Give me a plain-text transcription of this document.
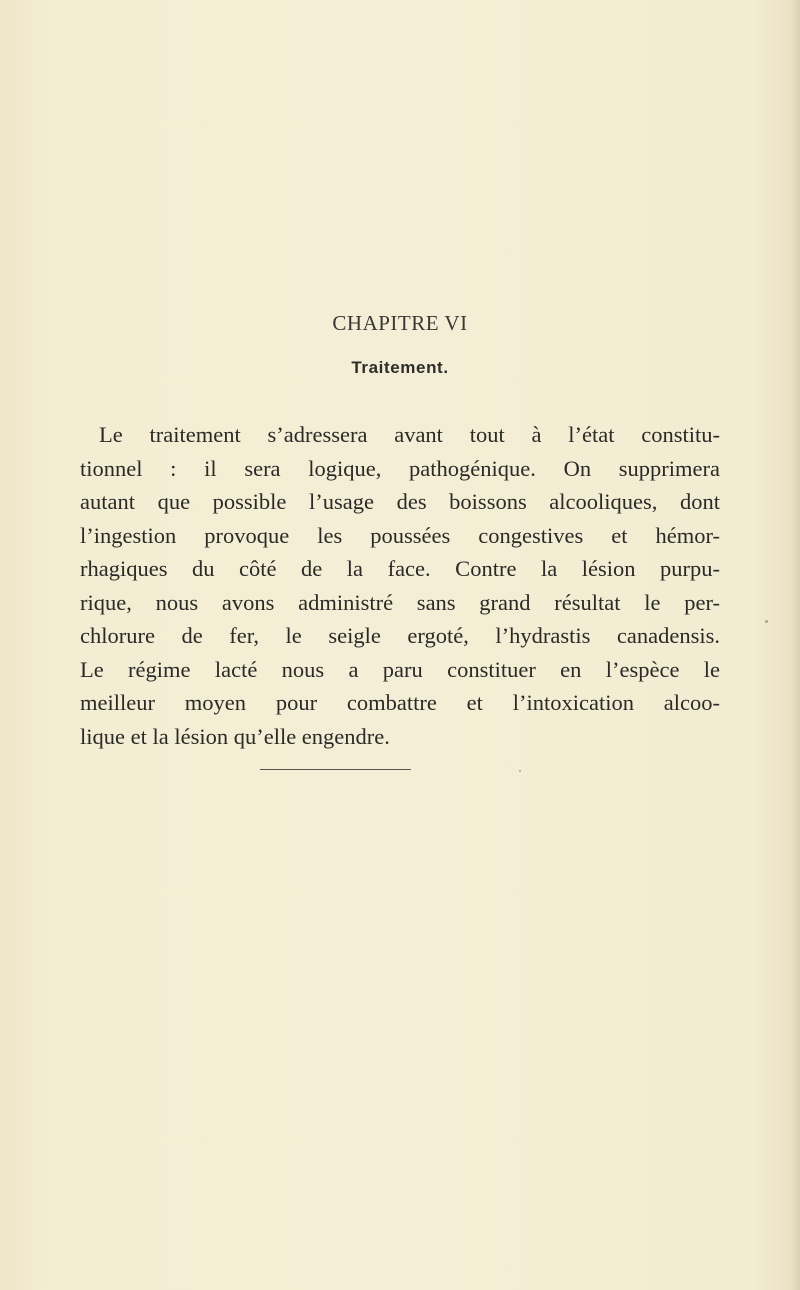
CHAPITRE VI
Traitement.

Le traitement s’adressera avant tout à l’état constitu-
tionnel : il sera logique, pathogénique. On supprimera
autant que possible l’usage des boissons alcooliques, dont
l’ingestion provoque les poussées congestives et hémor-
rhagiques du côté de la face. Contre la lésion purpu-
rique, nous avons administré sans grand résultat le per-
chlorure de fer, le seigle ergoté, l’hydrastis canadensis.
Le régime lacté nous a paru constituer en l’espèce le
meilleur moyen pour combattre et l’intoxication alcoo-
lique et la lésion qu’elle engendre.
